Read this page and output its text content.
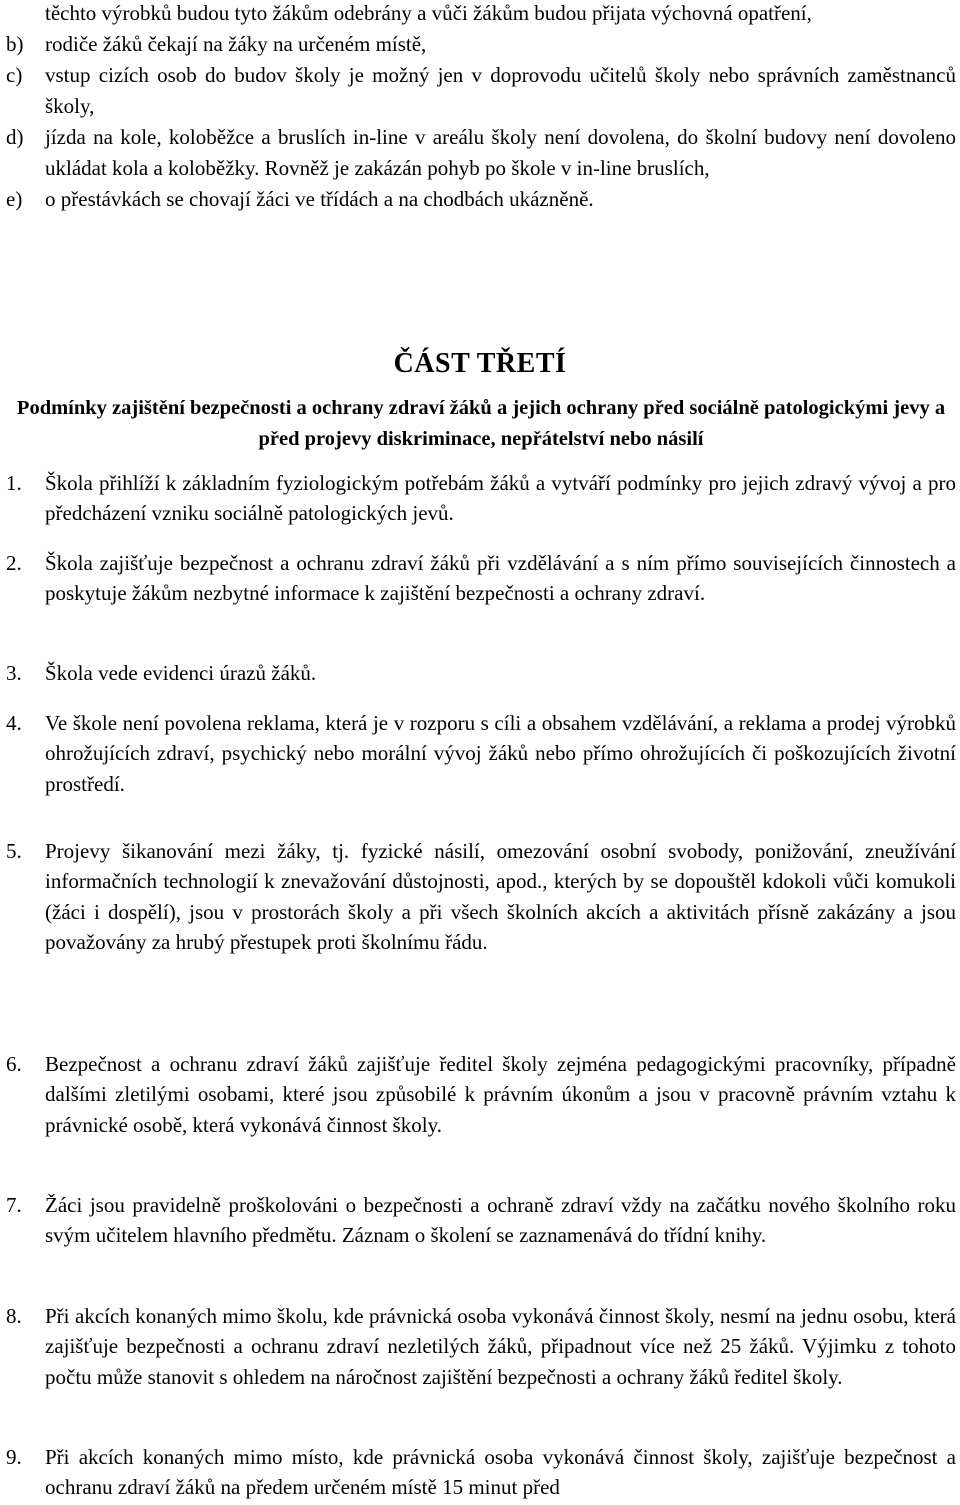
těchto výrobků budou tyto žákům odebrány a vůči žákům budou přijata výchovná opatření,
b)	rodiče žáků čekají na žáky na určeném místě,
c)	vstup cizích osob do budov školy je možný jen v doprovodu učitelů školy nebo správních zaměstnanců školy,
d)	jízda na kole, koloběžce a bruslích in-line v areálu školy není dovolena, do školní budovy není dovoleno ukládat kola a koloběžky. Rovněž je zakázán pohyb po škole v in-line bruslích,
e)	o přestávkách se chovají žáci ve třídách a na chodbách ukázněně.
ČÁST TŘETÍ
Podmínky zajištění bezpečnosti a ochrany zdraví žáků a jejich ochrany před sociálně patologickými jevy a před projevy diskriminace, nepřátelství nebo násilí
1.	Škola přihlíží k základním fyziologickým potřebám žáků a vytváří podmínky pro jejich zdravý vývoj a pro předcházení vzniku sociálně patologických jevů.
2.	Škola zajišťuje bezpečnost a ochranu zdraví žáků při vzdělávání a s ním přímo souvisejících činnostech a poskytuje žákům nezbytné informace k zajištění bezpečnosti a ochrany zdraví.
3.	Škola vede evidenci úrazů žáků.
4.	Ve škole není povolena reklama, která je v rozporu s cíli a obsahem vzdělávání, a reklama a prodej výrobků ohrožujících zdraví, psychický nebo morální vývoj žáků nebo přímo ohrožujících či poškozujících životní prostředí.
5.	Projevy šikanování mezi žáky, tj. fyzické násilí, omezování osobní svobody, ponižování, zneužívání informačních technologií k znevažování důstojnosti, apod., kterých by se dopouštěl kdokoli vůči komukoli (žáci i dospělí), jsou v prostorách školy a při všech školních akcích a aktivitách přísně zakázány a jsou považovány za hrubý přestupek proti školnímu řádu.
6.	Bezpečnost a ochranu zdraví žáků zajišťuje ředitel školy zejména pedagogickými pracovníky, případně dalšími zletilými osobami, které jsou způsobilé k právním úkonům a jsou v pracovně právním vztahu k právnické osobě, která vykonává činnost školy.
7.	Žáci jsou pravidelně proškolováni o bezpečnosti a ochraně zdraví vždy na začátku nového školního roku svým učitelem hlavního předmětu. Záznam o školení se zaznamenává do třídní knihy.
8.	Při akcích konaných mimo školu, kde právnická osoba vykonává činnost školy, nesmí na jednu osobu, která zajišťuje bezpečnosti a ochranu zdraví nezletilých žáků, připadnout více než 25 žáků. Výjimku z tohoto počtu může stanovit s ohledem na náročnost zajištění bezpečnosti a ochrany žáků ředitel školy.
9.	Při akcích konaných mimo místo, kde právnická osoba vykonává činnost školy, zajišťuje bezpečnost a ochranu zdraví žáků na předem určeném místě 15 minut před
